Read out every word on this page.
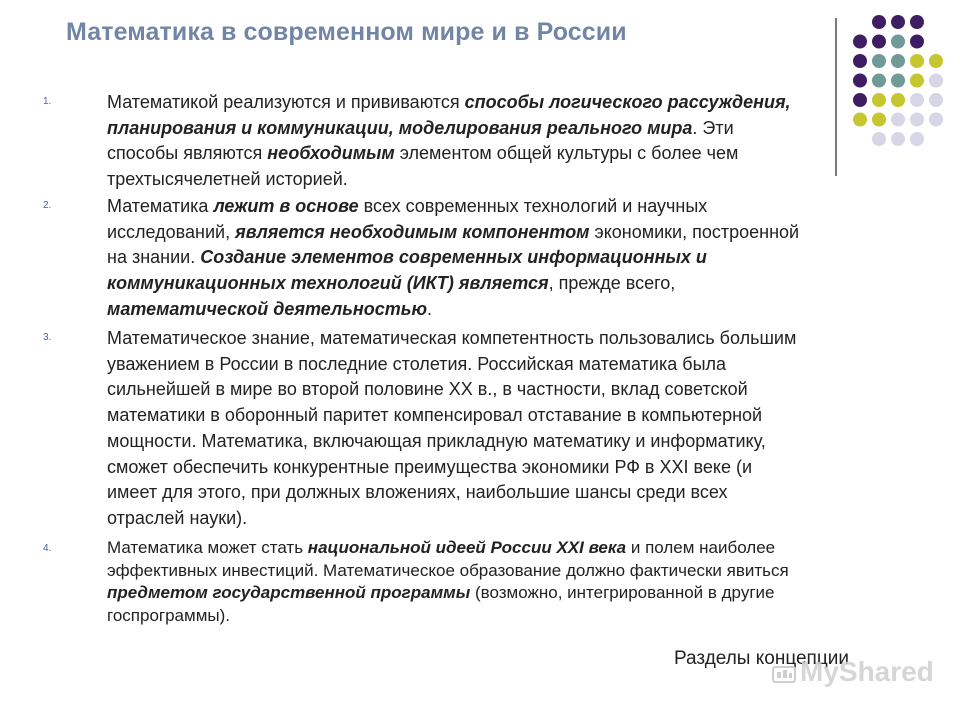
Математика в современном мире и в России
1.	Математикой реализуются и прививаются способы логического рассуждения,
планирования и коммуникации, моделирования реального мира. Эти
способы являются необходимым элементом общей культуры с более чем
трехтысячелетней историей.
2.	Математика лежит в основе всех современных технологий и научных
исследований, является необходимым компонентом экономики, построенной
на знании. Создание элементов современных информационных и
коммуникационных технологий (ИКТ) является, прежде всего,
математической деятельностью.
3.	Математическое знание, математическая компетентность пользовались большим
уважением в России в последние столетия. Российская математика была
сильнейшей в мире во второй половине XX в., в частности, вклад советской
математики в оборонный паритет компенсировал отставание в компьютерной
мощности. Математика, включающая прикладную математику и информатику,
сможет обеспечить конкурентные преимущества экономики РФ в XXI веке (и
имеет для этого, при должных вложениях, наибольшие шансы среди всех
отраслей науки).
4.	Математика может стать национальной идеей России XXI века и полем наиболее
эффективных инвестиций. Математическое образование должно фактически явиться
предметом государственной программы (возможно, интегрированной в другие
госпрограммы).
Разделы концепции
MyShared
